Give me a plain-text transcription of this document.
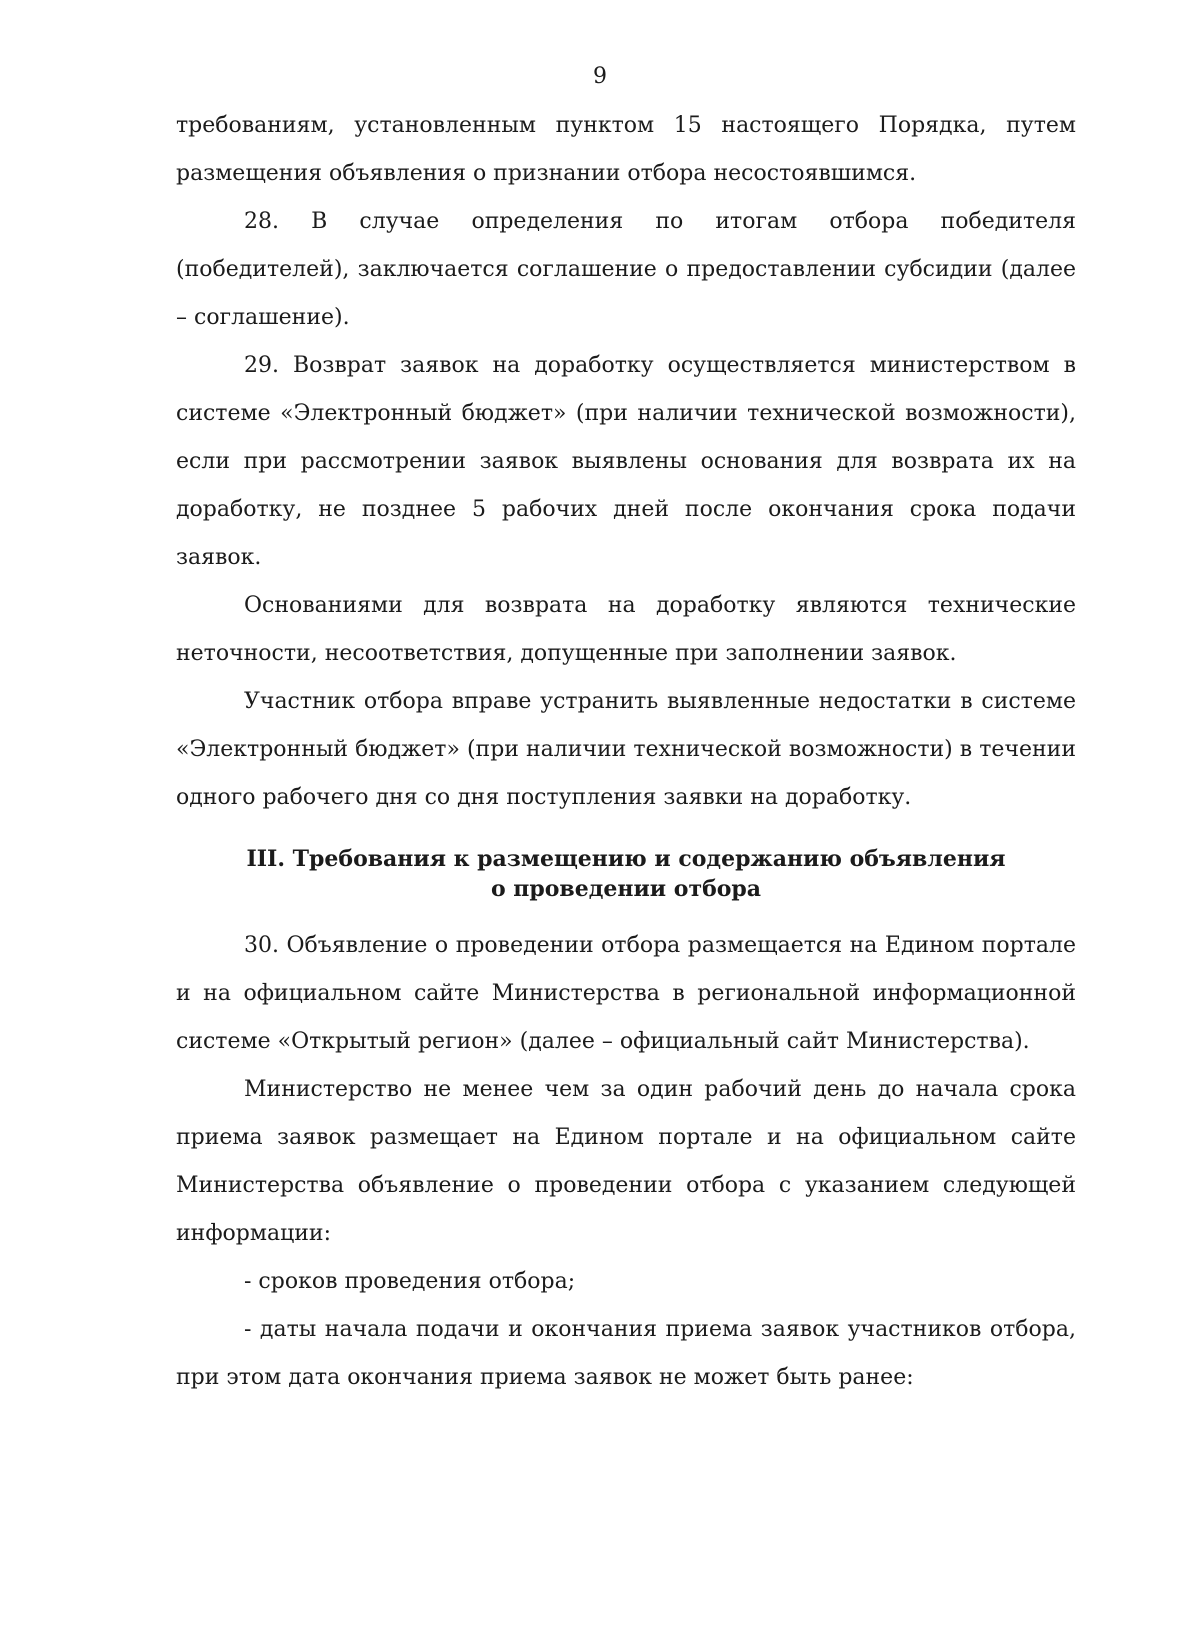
9

требованиям, установленным пунктом 15 настоящего Порядка, путем размещения объявления о признании отбора несостоявшимся.

28. В случае определения по итогам отбора победителя (победителей), заключается соглашение о предоставлении субсидии (далее – соглашение).

29. Возврат заявок на доработку осуществляется министерством в системе «Электронный бюджет» (при наличии технической возможности), если при рассмотрении заявок выявлены основания для возврата их на доработку, не позднее 5 рабочих дней после окончания срока подачи заявок.

Основаниями для возврата на доработку являются технические неточности, несоответствия, допущенные при заполнении заявок.

Участник отбора вправе устранить выявленные недостатки в системе «Электронный бюджет» (при наличии технической возможности) в течении одного рабочего дня со дня поступления заявки на доработку.

III. Требования к размещению и содержанию объявления
о проведении отбора

30. Объявление о проведении отбора размещается на Едином портале и на официальном сайте Министерства в региональной информационной системе «Открытый регион» (далее – официальный сайт Министерства).

Министерство не менее чем за один рабочий день до начала срока приема заявок размещает на Едином портале и на официальном сайте Министерства объявление о проведении отбора с указанием следующей информации:

- сроков проведения отбора;

- даты начала подачи и окончания приема заявок участников отбора, при этом дата окончания приема заявок не может быть ранее:
